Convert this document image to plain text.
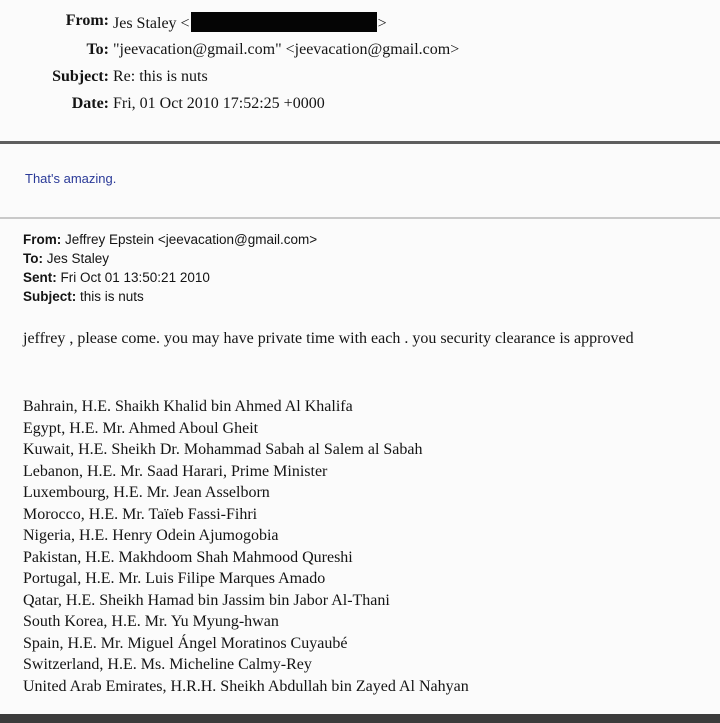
From: Jes Staley <	>
To: "jeevacation@gmail.com" <jeevacation@gmail.com>
Subject: Re: this is nuts
Date: Fri, 01 Oct 2010 17:52:25 +0000
That's amazing.
From: Jeffrey Epstein <jeevacation@gmail.com>
To: Jes Staley
Sent: Fri Oct 01 13:50:21 2010
Subject: this is nuts
jeffrey , please come. you may have private time with each . you security clearance is approved
Bahrain, H.E. Shaikh Khalid bin Ahmed Al Khalifa
Egypt, H.E. Mr. Ahmed Aboul Gheit
Kuwait, H.E. Sheikh Dr. Mohammad Sabah al Salem al Sabah
Lebanon, H.E. Mr. Saad Harari, Prime Minister
Luxembourg, H.E. Mr. Jean Asselborn
Morocco, H.E. Mr. Taïeb Fassi-Fihri
Nigeria, H.E. Henry Odein Ajumogobia
Pakistan, H.E. Makhdoom Shah Mahmood Qureshi
Portugal, H.E. Mr. Luis Filipe Marques Amado
Qatar, H.E. Sheikh Hamad bin Jassim bin Jabor Al-Thani
South Korea, H.E. Mr. Yu Myung-hwan
Spain, H.E. Mr. Miguel Ángel Moratinos Cuyaubé
Switzerland, H.E. Ms. Micheline Calmy-Rey
United Arab Emirates, H.R.H. Sheikh Abdullah bin Zayed Al Nahyan
